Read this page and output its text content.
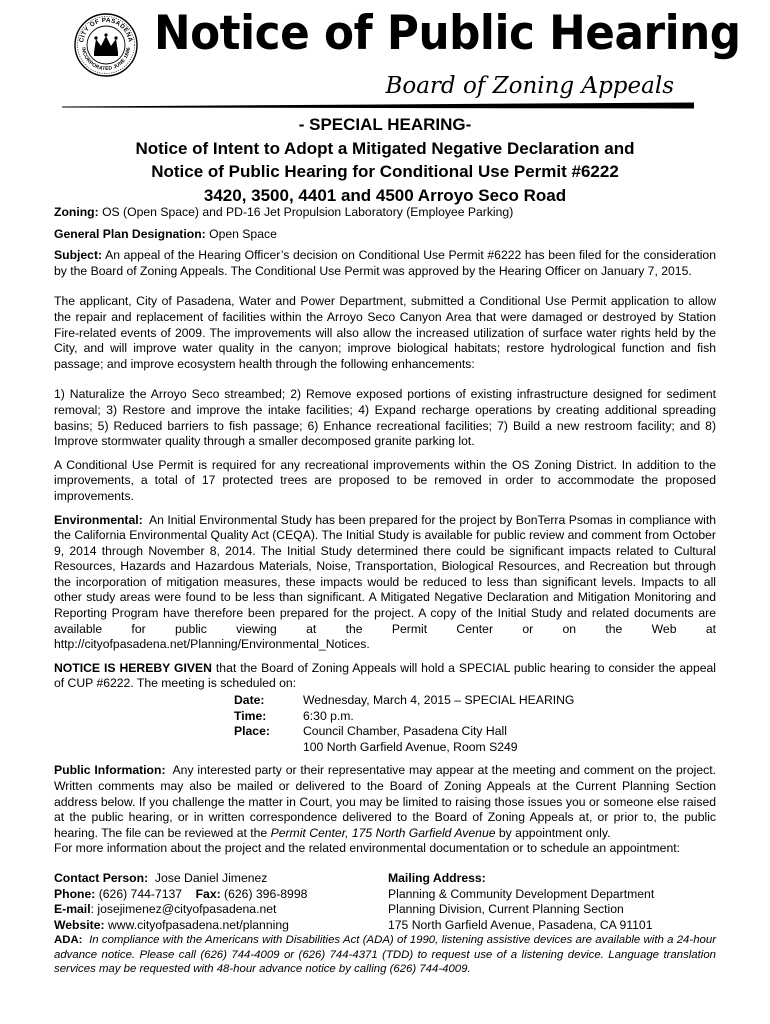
CITY OF PASADENA
INCORPORATED JUNE 1886 Notice of Public Hearing
Board of Zoning Appeals
- SPECIAL HEARING-
Notice of Intent to Adopt a Mitigated Negative Declaration and
Notice of Public Hearing for Conditional Use Permit #6222
3420, 3500, 4401 and 4500 Arroyo Seco Road

Zoning: OS (Open Space) and PD-16 Jet Propulsion Laboratory (Employee Parking)

General Plan Designation: Open Space

Subject: An appeal of the Hearing Officer’s decision on Conditional Use Permit #6222 has been filed for the consideration by the Board of Zoning Appeals. The Conditional Use Permit was approved by the Hearing Officer on January 7, 2015.

The applicant, City of Pasadena, Water and Power Department, submitted a Conditional Use Permit application to allow the repair and replacement of facilities within the Arroyo Seco Canyon Area that were damaged or destroyed by Station Fire-related events of 2009. The improvements will also allow the increased utilization of surface water rights held by the City, and will improve water quality in the canyon; improve biological habitats; restore hydrological function and fish passage; and improve ecosystem health through the following enhancements:

1) Naturalize the Arroyo Seco streambed; 2) Remove exposed portions of existing infrastructure designed for sediment removal; 3) Restore and improve the intake facilities; 4) Expand recharge operations by creating additional spreading basins; 5) Reduced barriers to fish passage; 6) Enhance recreational facilities; 7) Build a new restroom facility; and 8) Improve stormwater quality through a smaller decomposed granite parking lot.

A Conditional Use Permit is required for any recreational improvements within the OS Zoning District. In addition to the improvements, a total of 17 protected trees are proposed to be removed in order to accommodate the proposed improvements.

Environmental: An Initial Environmental Study has been prepared for the project by BonTerra Psomas in compliance with the California Environmental Quality Act (CEQA). The Initial Study is available for public review and comment from October 9, 2014 through November 8, 2014. The Initial Study determined there could be significant impacts related to Cultural Resources, Hazards and Hazardous Materials, Noise, Transportation, Biological Resources, and Recreation but through the incorporation of mitigation measures, these impacts would be reduced to less than significant levels. Impacts to all other study areas were found to be less than significant. A Mitigated Negative Declaration and Mitigation Monitoring and Reporting Program have therefore been prepared for the project. A copy of the Initial Study and related documents are available for public viewing at the Permit Center or on the Web at http://cityofpasadena.net/Planning/Environmental_Notices.

NOTICE IS HEREBY GIVEN that the Board of Zoning Appeals will hold a SPECIAL public hearing to consider the appeal of CUP #6222. The meeting is scheduled on:

Date:	Wednesday, March 4, 2015 – SPECIAL HEARING
Time:	6:30 p.m.
Place:	Council Chamber, Pasadena City Hall
	100 North Garfield Avenue, Room S249

Public Information: Any interested party or their representative may appear at the meeting and comment on the project. Written comments may also be mailed or delivered to the Board of Zoning Appeals at the Current Planning Section address below. If you challenge the matter in Court, you may be limited to raising those issues you or someone else raised at the public hearing, or in written correspondence delivered to the Board of Zoning Appeals at, or prior to, the public hearing. The file can be reviewed at the Permit Center, 175 North Garfield Avenue by appointment only.

For more information about the project and the related environmental documentation or to schedule an appointment:

Contact Person: Jose Daniel Jimenez
Phone: (626) 744-7137 Fax: (626) 396-8998
E-mail: josejimenez@cityofpasadena.net
Website: www.cityofpasadena.net/planning
Mailing Address:
Planning & Community Development Department
Planning Division, Current Planning Section
175 North Garfield Avenue, Pasadena, CA 91101

ADA: In compliance with the Americans with Disabilities Act (ADA) of 1990, listening assistive devices are available with a 24-hour advance notice. Please call (626) 744-4009 or (626) 744-4371 (TDD) to request use of a listening device. Language translation services may be requested with 48-hour advance notice by calling (626) 744-4009.
